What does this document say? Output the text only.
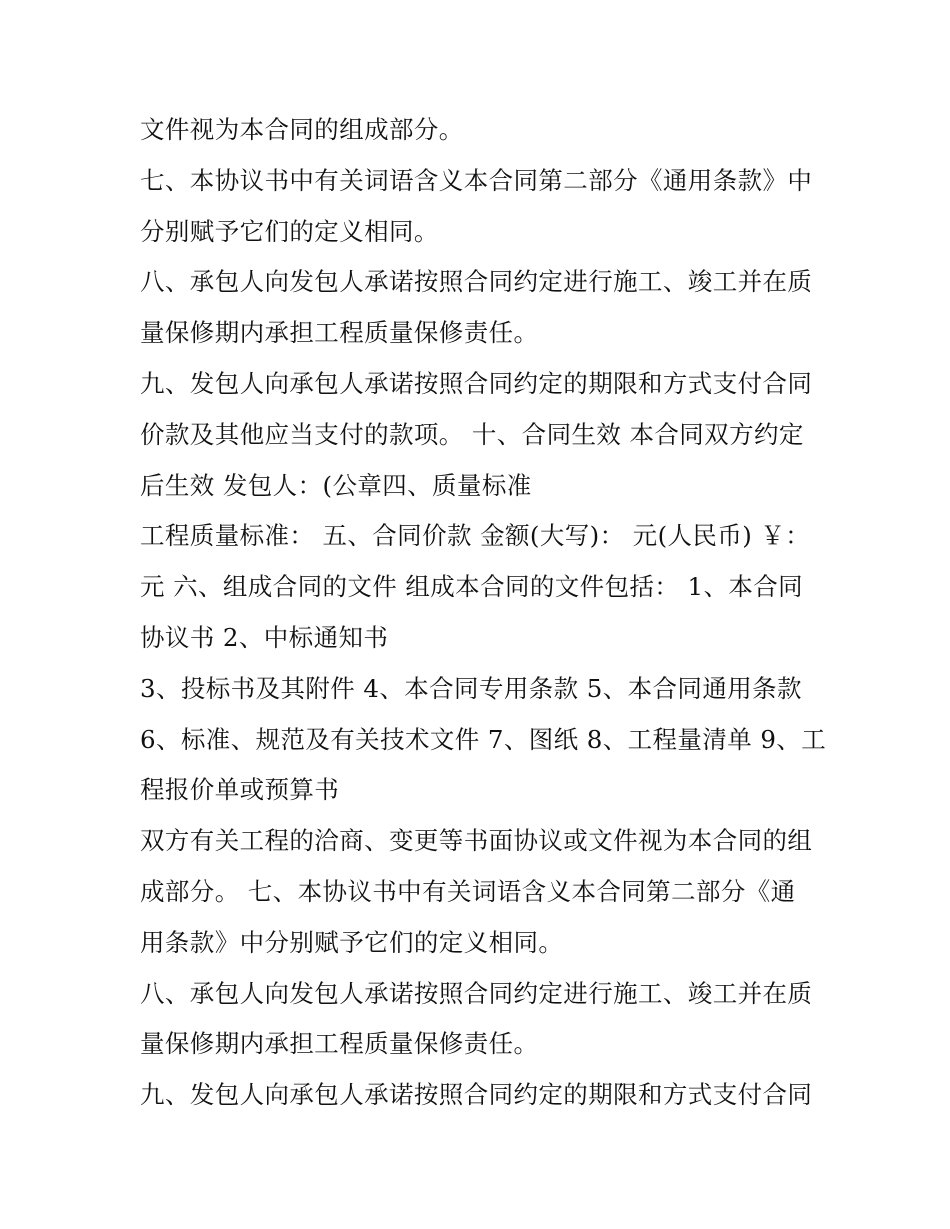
文件视为本合同的组成部分。
七、本协议书中有关词语含义本合同第二部分《通用条款》中
分别赋予它们的定义相同。
八、承包人向发包人承诺按照合同约定进行施工、竣工并在质
量保修期内承担工程质量保修责任。
九、发包人向承包人承诺按照合同约定的期限和方式支付合同
价款及其他应当支付的款项。 十、合同生效 本合同双方约定
后生效 发包人：(公章四、质量标准
工程质量标准： 五、合同价款 金额(大写)： 元(人民币) ￥：
元 六、组成合同的文件 组成本合同的文件包括： 1、本合同
协议书 2、中标通知书
3、投标书及其附件 4、本合同专用条款 5、本合同通用条款
6、标准、规范及有关技术文件 7、图纸 8、工程量清单 9、工
程报价单或预算书
双方有关工程的洽商、变更等书面协议或文件视为本合同的组
成部分。 七、本协议书中有关词语含义本合同第二部分《通
用条款》中分别赋予它们的定义相同。
八、承包人向发包人承诺按照合同约定进行施工、竣工并在质
量保修期内承担工程质量保修责任。
九、发包人向承包人承诺按照合同约定的期限和方式支付合同
